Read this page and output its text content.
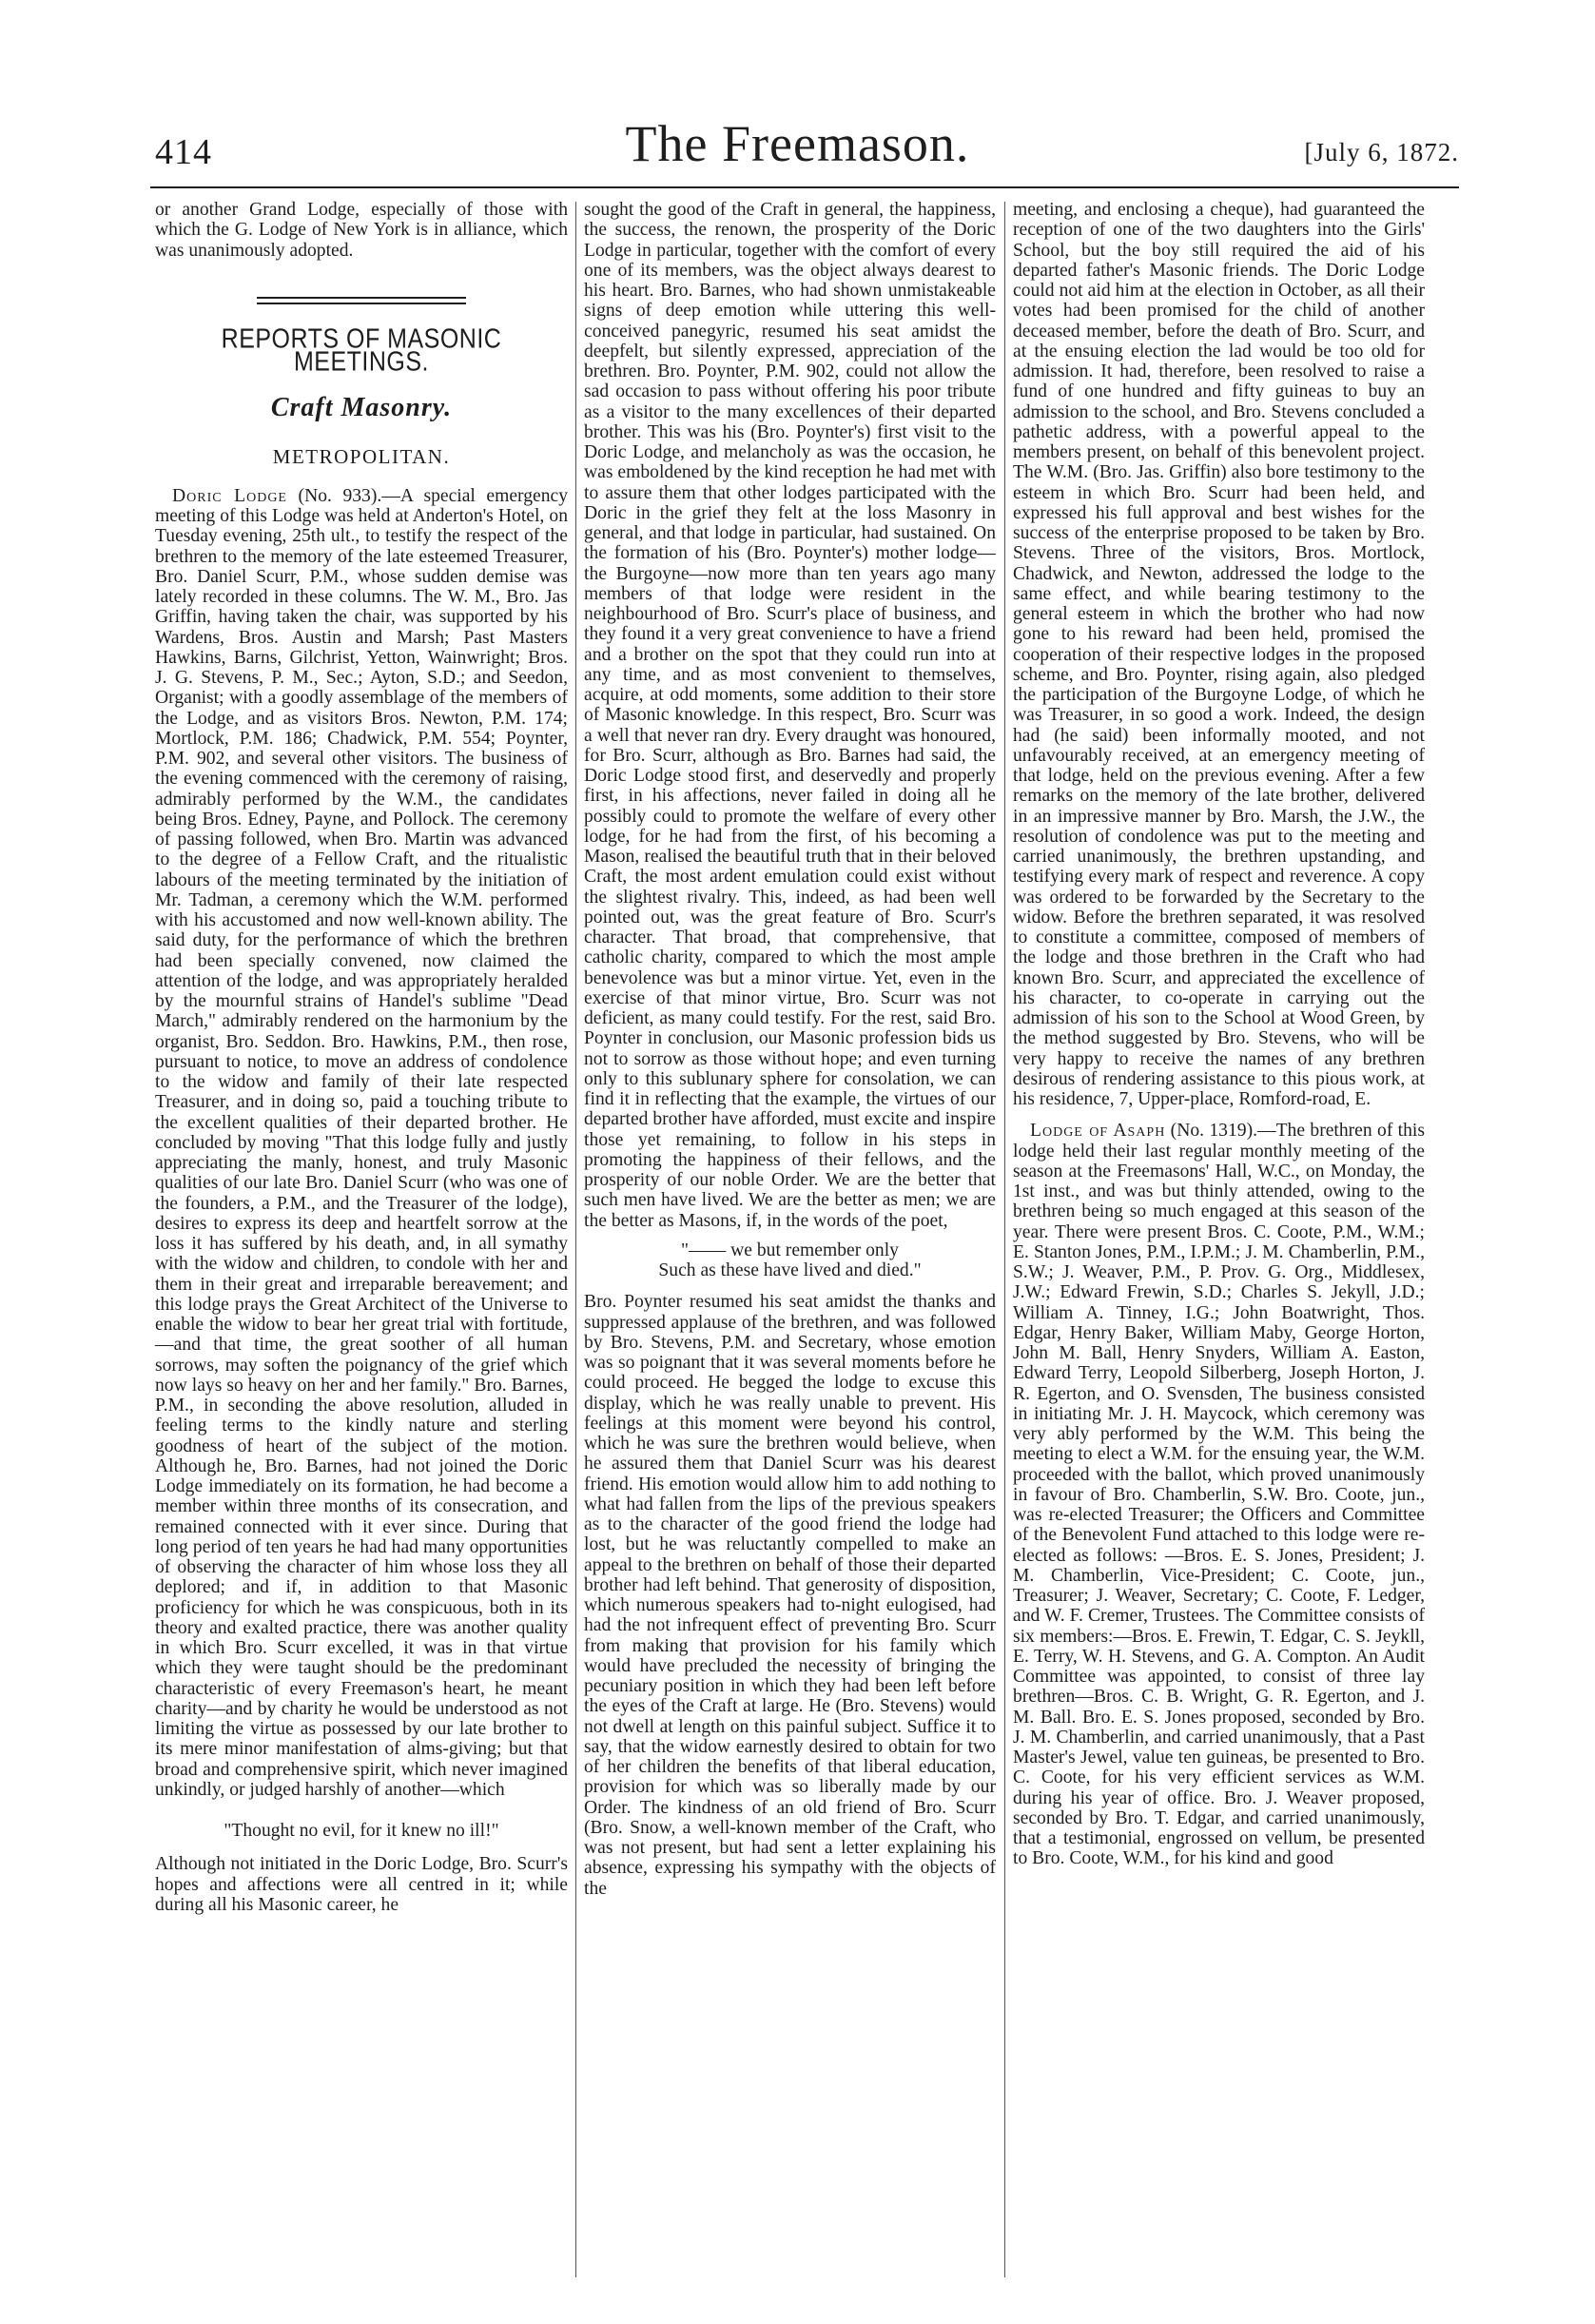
414	The Freemason.	[July 6, 1872.

or another Grand Lodge, especially of those with which the G. Lodge of New York is in alliance, which was unanimously adopted.

REPORTS OF MASONIC MEETINGS.
Craft Masonry.
METROPOLITAN.

Doric Lodge (No. 933).—A special emergency meeting of this Lodge was held at Anderton's Hotel, on Tuesday evening, 25th ult., to testify the respect of the brethren to the memory of the late esteemed Treasurer, Bro. Daniel Scurr, P.M., whose sudden demise was lately recorded in these columns. The W. M., Bro. Jas Griffin, having taken the chair, was supported by his Wardens, Bros. Austin and Marsh; Past Masters Hawkins, Barns, Gilchrist, Yetton, Wainwright; Bros. J. G. Stevens, P. M., Sec.; Ayton, S.D.; and Seedon, Organist; with a goodly assemblage of the members of the Lodge, and as visitors Bros. Newton, P.M. 174; Mortlock, P.M. 186; Chadwick, P.M. 554; Poynter, P.M. 902, and several other visitors. The business of the evening commenced with the ceremony of raising, admirably performed by the W.M., the candidates being Bros. Edney, Payne, and Pollock. The ceremony of passing followed, when Bro. Martin was advanced to the degree of a Fellow Craft, and the ritualistic labours of the meeting terminated by the initiation of Mr. Tadman, a ceremony which the W.M. performed with his accustomed and now well-known ability. The said duty, for the performance of which the brethren had been specially convened, now claimed the attention of the lodge, and was appropriately heralded by the mournful strains of Handel's sublime "Dead March," admirably rendered on the harmonium by the organist, Bro. Seddon. Bro. Hawkins, P.M., then rose, pursuant to notice, to move an address of condolence to the widow and family of their late respected Treasurer, and in doing so, paid a touching tribute to the excellent qualities of their departed brother. He concluded by moving "That this lodge fully and justly appreciating the manly, honest, and truly Masonic qualities of our late Bro. Daniel Scurr (who was one of the founders, a P.M., and the Treasurer of the lodge), desires to express its deep and heartfelt sorrow at the loss it has suffered by his death, and, in all symathy with the widow and children, to condole with her and them in their great and irreparable bereavement; and this lodge prays the Great Architect of the Universe to enable the widow to bear her great trial with fortitude,—and that time, the great soother of all human sorrows, may soften the poignancy of the grief which now lays so heavy on her and her family." Bro. Barnes, P.M., in seconding the above resolution, alluded in feeling terms to the kindly nature and sterling goodness of heart of the subject of the motion. Although he, Bro. Barnes, had not joined the Doric Lodge immediately on its formation, he had become a member within three months of its consecration, and remained connected with it ever since. During that long period of ten years he had had many opportunities of observing the character of him whose loss they all deplored; and if, in addition to that Masonic proficiency for which he was conspicuous, both in its theory and exalted practice, there was another quality in which Bro. Scurr excelled, it was in that virtue which they were taught should be the predominant characteristic of every Freemason's heart, he meant charity—and by charity he would be understood as not limiting the virtue as possessed by our late brother to its mere minor manifestation of alms-giving; but that broad and comprehensive spirit, which never imagined unkindly, or judged harshly of another—which

"Thought no evil, for it knew no ill!"

Although not initiated in the Doric Lodge, Bro. Scurr's hopes and affections were all centred in it; while during all his Masonic career, he

sought the good of the Craft in general, the happiness, the success, the renown, the prosperity of the Doric Lodge in particular, together with the comfort of every one of its members, was the object always dearest to his heart. Bro. Barnes, who had shown unmistakeable signs of deep emotion while uttering this well-conceived panegyric, resumed his seat amidst the deepfelt, but silently expressed, appreciation of the brethren. Bro. Poynter, P.M. 902, could not allow the sad occasion to pass without offering his poor tribute as a visitor to the many excellences of their departed brother. This was his (Bro. Poynter's) first visit to the Doric Lodge, and melancholy as was the occasion, he was emboldened by the kind reception he had met with to assure them that other lodges participated with the Doric in the grief they felt at the loss Masonry in general, and that lodge in particular, had sustained. On the formation of his (Bro. Poynter's) mother lodge—the Burgoyne—now more than ten years ago many members of that lodge were resident in the neighbourhood of Bro. Scurr's place of business, and they found it a very great convenience to have a friend and a brother on the spot that they could run into at any time, and as most convenient to themselves, acquire, at odd moments, some addition to their store of Masonic knowledge. In this respect, Bro. Scurr was a well that never ran dry. Every draught was honoured, for Bro. Scurr, although as Bro. Barnes had said, the Doric Lodge stood first, and deservedly and properly first, in his affections, never failed in doing all he possibly could to promote the welfare of every other lodge, for he had from the first, of his becoming a Mason, realised the beautiful truth that in their beloved Craft, the most ardent emulation could exist without the slightest rivalry. This, indeed, as had been well pointed out, was the great feature of Bro. Scurr's character. That broad, that comprehensive, that catholic charity, compared to which the most ample benevolence was but a minor virtue. Yet, even in the exercise of that minor virtue, Bro. Scurr was not deficient, as many could testify. For the rest, said Bro. Poynter in conclusion, our Masonic profession bids us not to sorrow as those without hope; and even turning only to this sublunary sphere for consolation, we can find it in reflecting that the example, the virtues of our departed brother have afforded, must excite and inspire those yet remaining, to follow in his steps in promoting the happiness of their fellows, and the prosperity of our noble Order. We are the better that such men have lived. We are the better as men; we are the better as Masons, if, in the words of the poet,

"—— we but remember only
Such as these have lived and died."

Bro. Poynter resumed his seat amidst the thanks and suppressed applause of the brethren, and was followed by Bro. Stevens, P.M. and Secretary, whose emotion was so poignant that it was several moments before he could proceed. He begged the lodge to excuse this display, which he was really unable to prevent. His feelings at this moment were beyond his control, which he was sure the brethren would believe, when he assured them that Daniel Scurr was his dearest friend. His emotion would allow him to add nothing to what had fallen from the lips of the previous speakers as to the character of the good friend the lodge had lost, but he was reluctantly compelled to make an appeal to the brethren on behalf of those their departed brother had left behind. That generosity of disposition, which numerous speakers had to-night eulogised, had had the not infrequent effect of preventing Bro. Scurr from making that provision for his family which would have precluded the necessity of bringing the pecuniary position in which they had been left before the eyes of the Craft at large. He (Bro. Stevens) would not dwell at length on this painful subject. Suffice it to say, that the widow earnestly desired to obtain for two of her children the benefits of that liberal education, provision for which was so liberally made by our Order. The kindness of an old friend of Bro. Scurr (Bro. Snow, a well-known member of the Craft, who was not present, but had sent a letter explaining his absence, expressing his sympathy with the objects of the

meeting, and enclosing a cheque), had guaranteed the reception of one of the two daughters into the Girls' School, but the boy still required the aid of his departed father's Masonic friends. The Doric Lodge could not aid him at the election in October, as all their votes had been promised for the child of another deceased member, before the death of Bro. Scurr, and at the ensuing election the lad would be too old for admission. It had, therefore, been resolved to raise a fund of one hundred and fifty guineas to buy an admission to the school, and Bro. Stevens concluded a pathetic address, with a powerful appeal to the members present, on behalf of this benevolent project. The W.M. (Bro. Jas. Griffin) also bore testimony to the esteem in which Bro. Scurr had been held, and expressed his full approval and best wishes for the success of the enterprise proposed to be taken by Bro. Stevens. Three of the visitors, Bros. Mortlock, Chadwick, and Newton, addressed the lodge to the same effect, and while bearing testimony to the general esteem in which the brother who had now gone to his reward had been held, promised the cooperation of their respective lodges in the proposed scheme, and Bro. Poynter, rising again, also pledged the participation of the Burgoyne Lodge, of which he was Treasurer, in so good a work. Indeed, the design had (he said) been informally mooted, and not unfavourably received, at an emergency meeting of that lodge, held on the previous evening. After a few remarks on the memory of the late brother, delivered in an impressive manner by Bro. Marsh, the J.W., the resolution of condolence was put to the meeting and carried unanimously, the brethren upstanding, and testifying every mark of respect and reverence. A copy was ordered to be forwarded by the Secretary to the widow. Before the brethren separated, it was resolved to constitute a committee, composed of members of the lodge and those brethren in the Craft who had known Bro. Scurr, and appreciated the excellence of his character, to co-operate in carrying out the admission of his son to the School at Wood Green, by the method suggested by Bro. Stevens, who will be very happy to receive the names of any brethren desirous of rendering assistance to this pious work, at his residence, 7, Upper-place, Romford-road, E.

Lodge of Asaph (No. 1319).—The brethren of this lodge held their last regular monthly meeting of the season at the Freemasons' Hall, W.C., on Monday, the 1st inst., and was but thinly attended, owing to the brethren being so much engaged at this season of the year. There were present Bros. C. Coote, P.M., W.M.; E. Stanton Jones, P.M., I.P.M.; J. M. Chamberlin, P.M., S.W.; J. Weaver, P.M., P. Prov. G. Org., Middlesex, J.W.; Edward Frewin, S.D.; Charles S. Jekyll, J.D.; William A. Tinney, I.G.; John Boatwright, Thos. Edgar, Henry Baker, William Maby, George Horton, John M. Ball, Henry Snyders, William A. Easton, Edward Terry, Leopold Silberberg, Joseph Horton, J. R. Egerton, and O. Svensden, The business consisted in initiating Mr. J. H. Maycock, which ceremony was very ably performed by the W.M. This being the meeting to elect a W.M. for the ensuing year, the W.M. proceeded with the ballot, which proved unanimously in favour of Bro. Chamberlin, S.W. Bro. Coote, jun., was re-elected Treasurer; the Officers and Committee of the Benevolent Fund attached to this lodge were re-elected as follows: —Bros. E. S. Jones, President; J. M. Chamberlin, Vice-President; C. Coote, jun., Treasurer; J. Weaver, Secretary; C. Coote, F. Ledger, and W. F. Cremer, Trustees. The Committee consists of six members:—Bros. E. Frewin, T. Edgar, C. S. Jeykll, E. Terry, W. H. Stevens, and G. A. Compton. An Audit Committee was appointed, to consist of three lay brethren—Bros. C. B. Wright, G. R. Egerton, and J. M. Ball. Bro. E. S. Jones proposed, seconded by Bro. J. M. Chamberlin, and carried unanimously, that a Past Master's Jewel, value ten guineas, be presented to Bro. C. Coote, for his very efficient services as W.M. during his year of office. Bro. J. Weaver proposed, seconded by Bro. T. Edgar, and carried unanimously, that a testimonial, engrossed on vellum, be presented to Bro. Coote, W.M., for his kind and good
